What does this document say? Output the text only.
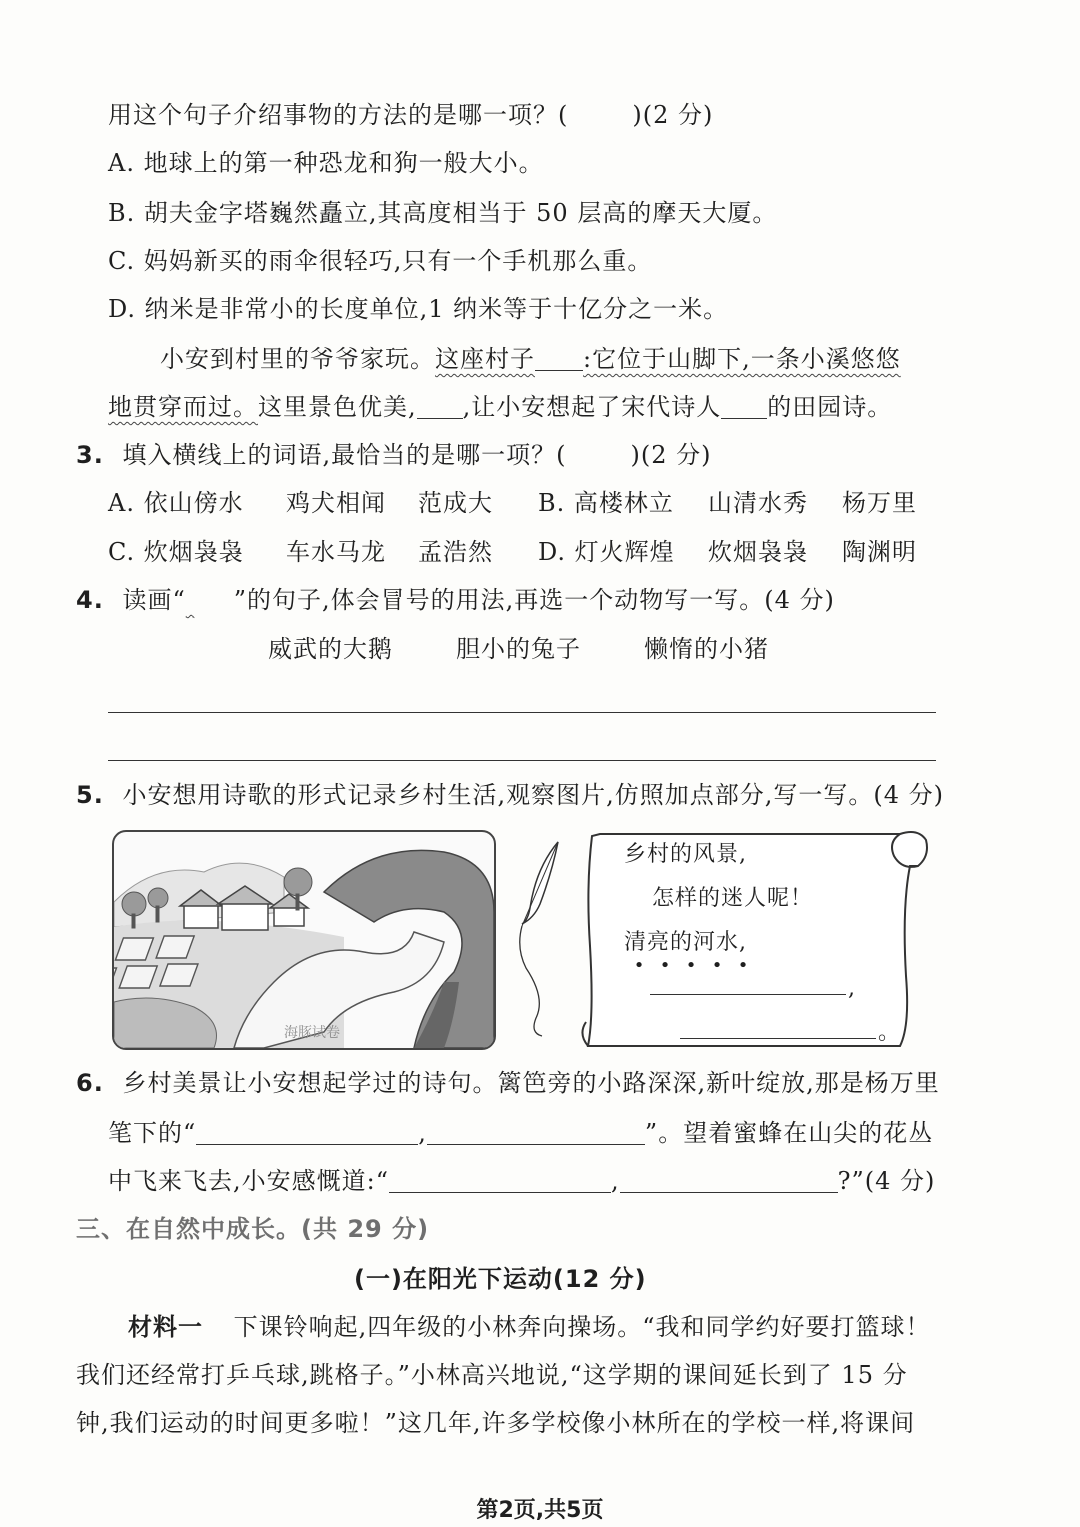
用这个句子介绍事物的方法的是哪一项？(	)(2 分)
A. 地球上的第一种恐龙和狗一般大小。
B. 胡夫金字塔巍然矗立,其高度相当于 50 层高的摩天大厦。
C. 妈妈新买的雨伞很轻巧,只有一个手机那么重。
D. 纳米是非常小的长度单位,1 纳米等于十亿分之一米。
小安到村里的爷爷家玩。这座村子 :它位于山脚下,一条小溪悠悠
地贯穿而过。这里景色优美, ,让小安想起了宋代诗人 的田园诗。
3. 填入横线上的词语,最恰当的是哪一项？(	)(2 分)
A. 依山傍水 鸡犬相闻 范成大 B. 高楼林立 山清水秀 杨万里
C. 炊烟袅袅 车水马龙 孟浩然 D. 灯火辉煌 炊烟袅袅 陶渊明
4. 读画“ ”的句子,体会冒号的用法,再选一个动物写一写。(4 分)
威武的大鹅	胆小的兔子	懒惰的小猪
5. 小安想用诗歌的形式记录乡村生活,观察图片,仿照加点部分,写一写。(4 分)
海豚试卷
乡村的风景,
怎样的迷人呢！
清亮的河水,
• • • • •
,
。
6. 乡村美景让小安想起学过的诗句。篱笆旁的小路深深,新叶绽放,那是杨万里
笔下的“	,	”。望着蜜蜂在山尖的花丛
中飞来飞去,小安感慨道:“	,	?”(4 分)
三、在自然中成长。(共 29 分)
(一)在阳光下运动(12 分)
材料一 下课铃响起,四年级的小林奔向操场。“我和同学约好要打篮球！
我们还经常打乒乓球,跳格子。”小林高兴地说,“这学期的课间延长到了 15 分
钟,我们运动的时间更多啦！”这几年,许多学校像小林所在的学校一样,将课间
第2页,共5页
